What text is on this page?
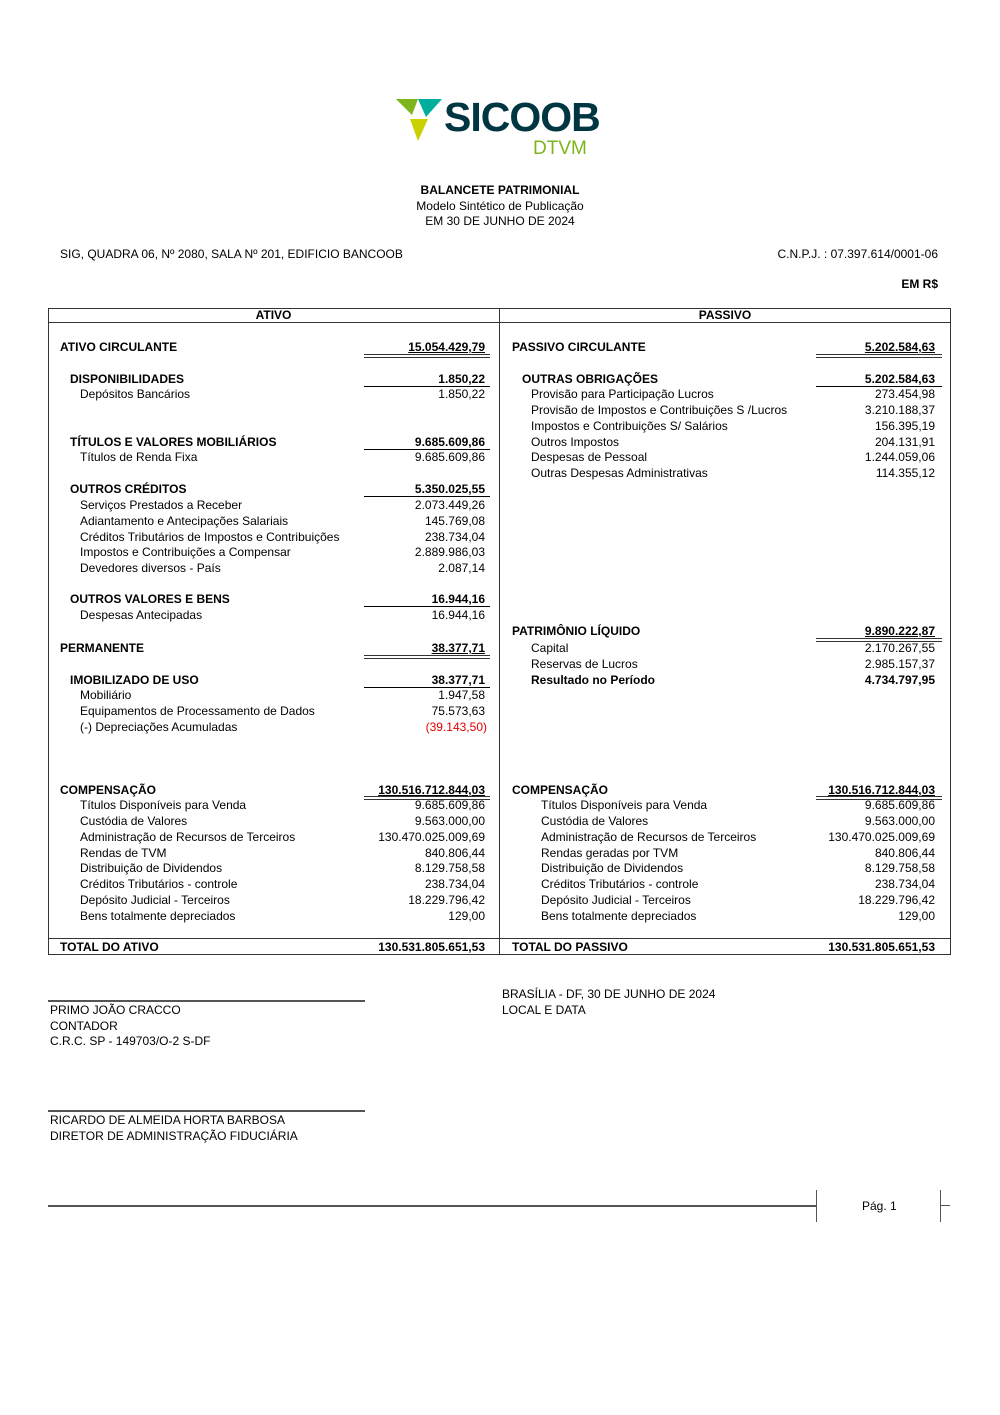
SICOOB
DTVM
BALANCETE PATRIMONIAL
Modelo Sintético de Publicação
EM 30 DE JUNHO DE 2024
SIG, QUADRA 06, Nº 2080, SALA Nº 201, EDIFICIO BANCOOB	C.N.P.J. : 07.397.614/0001-06
EM R$
ATIVO	PASSIVO
ATIVO CIRCULANTE	15.054.429,79
DISPONIBILIDADES	1.850,22
Depósitos Bancários	1.850,22
TÍTULOS E VALORES MOBILIÁRIOS	9.685.609,86
Títulos de Renda Fixa	9.685.609,86
OUTROS CRÉDITOS	5.350.025,55
Serviços Prestados a Receber	2.073.449,26
Adiantamento e Antecipações Salariais	145.769,08
Créditos Tributários de Impostos e Contribuições	238.734,04
Impostos e Contribuições a Compensar	2.889.986,03
Devedores diversos - País	2.087,14
OUTROS VALORES E BENS	16.944,16
Despesas Antecipadas	16.944,16
PERMANENTE	38.377,71
IMOBILIZADO DE USO	38.377,71
Mobiliário	1.947,58
Equipamentos de Processamento de Dados	75.573,63
(-) Depreciações Acumuladas	(39.143,50)
COMPENSAÇÃO	130.516.712.844,03
Títulos Disponíveis para Venda	9.685.609,86
Custódia de Valores	9.563.000,00
Administração de Recursos de Terceiros	130.470.025.009,69
Rendas de TVM	840.806,44
Distribuição de Dividendos	8.129.758,58
Créditos Tributários - controle	238.734,04
Depósito Judicial - Terceiros	18.229.796,42
Bens totalmente depreciados	129,00
TOTAL DO ATIVO	130.531.805.651,53
PASSIVO CIRCULANTE	5.202.584,63
OUTRAS OBRIGAÇÕES	5.202.584,63
Provisão para Participação Lucros	273.454,98
Provisão de Impostos e Contribuições S /Lucros	3.210.188,37
Impostos e Contribuições S/ Salários	156.395,19
Outros Impostos	204.131,91
Despesas de Pessoal	1.244.059,06
Outras Despesas Administrativas	114.355,12
PATRIMÔNIO LÍQUIDO	9.890.222,87
Capital	2.170.267,55
Reservas de Lucros	2.985.157,37
Resultado no Período	4.734.797,95
COMPENSAÇÃO	130.516.712.844,03
Títulos Disponíveis para Venda	9.685.609,86
Custódia de Valores	9.563.000,00
Administração de Recursos de Terceiros	130.470.025.009,69
Rendas geradas por TVM	840.806,44
Distribuição de Dividendos	8.129.758,58
Créditos Tributários - controle	238.734,04
Depósito Judicial - Terceiros	18.229.796,42
Bens totalmente depreciados	129,00
TOTAL DO PASSIVO	130.531.805.651,53
BRASÍLIA - DF, 30 DE JUNHO DE 2024
LOCAL E DATA
PRIMO JOÃO CRACCO
CONTADOR
C.R.C. SP - 149703/O-2 S-DF
RICARDO DE ALMEIDA HORTA BARBOSA
DIRETOR DE ADMINISTRAÇÃO FIDUCIÁRIA
Pág. 1
